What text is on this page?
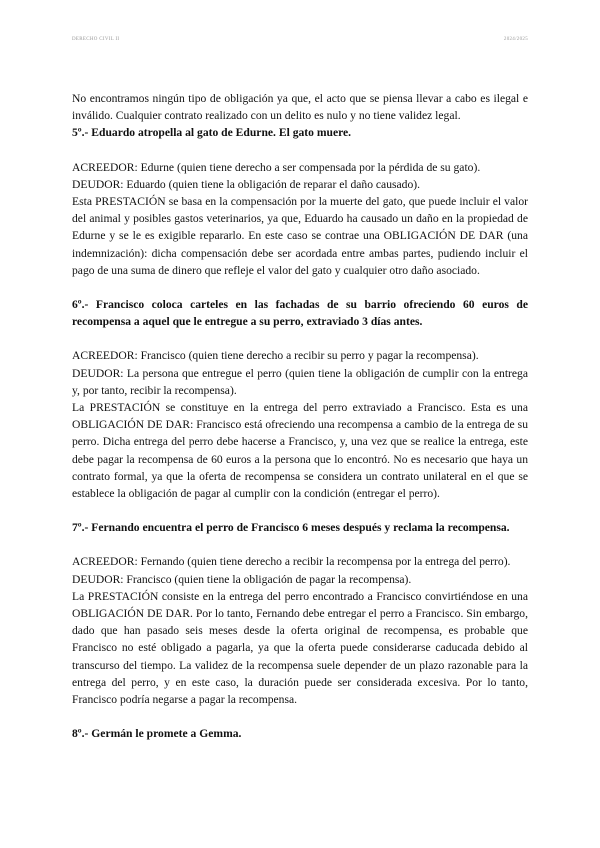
DERECHO CIVIL II	2024/2025

No encontramos ningún tipo de obligación ya que, el acto que se piensa llevar a cabo es ilegal e inválido. Cualquier contrato realizado con un delito es nulo y no tiene validez legal.

5º.- Eduardo atropella al gato de Edurne. El gato muere.

ACREEDOR: Edurne (quien tiene derecho a ser compensada por la pérdida de su gato).

DEUDOR: Eduardo (quien tiene la obligación de reparar el daño causado).

Esta PRESTACIÓN se basa en la compensación por la muerte del gato, que puede incluir el valor del animal y posibles gastos veterinarios, ya que, Eduardo ha causado un daño en la propiedad de Edurne y se le es exigible repararlo. En este caso se contrae una OBLIGACIÓN DE DAR (una indemnización): dicha compensación debe ser acordada entre ambas partes, pudiendo incluir el pago de una suma de dinero que refleje el valor del gato y cualquier otro daño asociado.

6º.- Francisco coloca carteles en las fachadas de su barrio ofreciendo 60 euros de recompensa a aquel que le entregue a su perro, extraviado 3 días antes.

ACREEDOR: Francisco (quien tiene derecho a recibir su perro y pagar la recompensa).

DEUDOR: La persona que entregue el perro (quien tiene la obligación de cumplir con la entrega y, por tanto, recibir la recompensa).

La PRESTACIÓN se constituye en la entrega del perro extraviado a Francisco. Esta es una OBLIGACIÓN DE DAR: Francisco está ofreciendo una recompensa a cambio de la entrega de su perro. Dicha entrega del perro debe hacerse a Francisco, y, una vez que se realice la entrega, este debe pagar la recompensa de 60 euros a la persona que lo encontró. No es necesario que haya un contrato formal, ya que la oferta de recompensa se considera un contrato unilateral en el que se establece la obligación de pagar al cumplir con la condición (entregar el perro).

7º.- Fernando encuentra el perro de Francisco 6 meses después y reclama la recompensa.

ACREEDOR: Fernando (quien tiene derecho a recibir la recompensa por la entrega del perro).

DEUDOR: Francisco (quien tiene la obligación de pagar la recompensa).

La PRESTACIÓN consiste en la entrega del perro encontrado a Francisco convirtiéndose en una OBLIGACIÓN DE DAR. Por lo tanto, Fernando debe entregar el perro a Francisco. Sin embargo, dado que han pasado seis meses desde la oferta original de recompensa, es probable que Francisco no esté obligado a pagarla, ya que la oferta puede considerarse caducada debido al transcurso del tiempo. La validez de la recompensa suele depender de un plazo razonable para la entrega del perro, y en este caso, la duración puede ser considerada excesiva. Por lo tanto, Francisco podría negarse a pagar la recompensa.

8º.- Germán le promete a Gemma.
